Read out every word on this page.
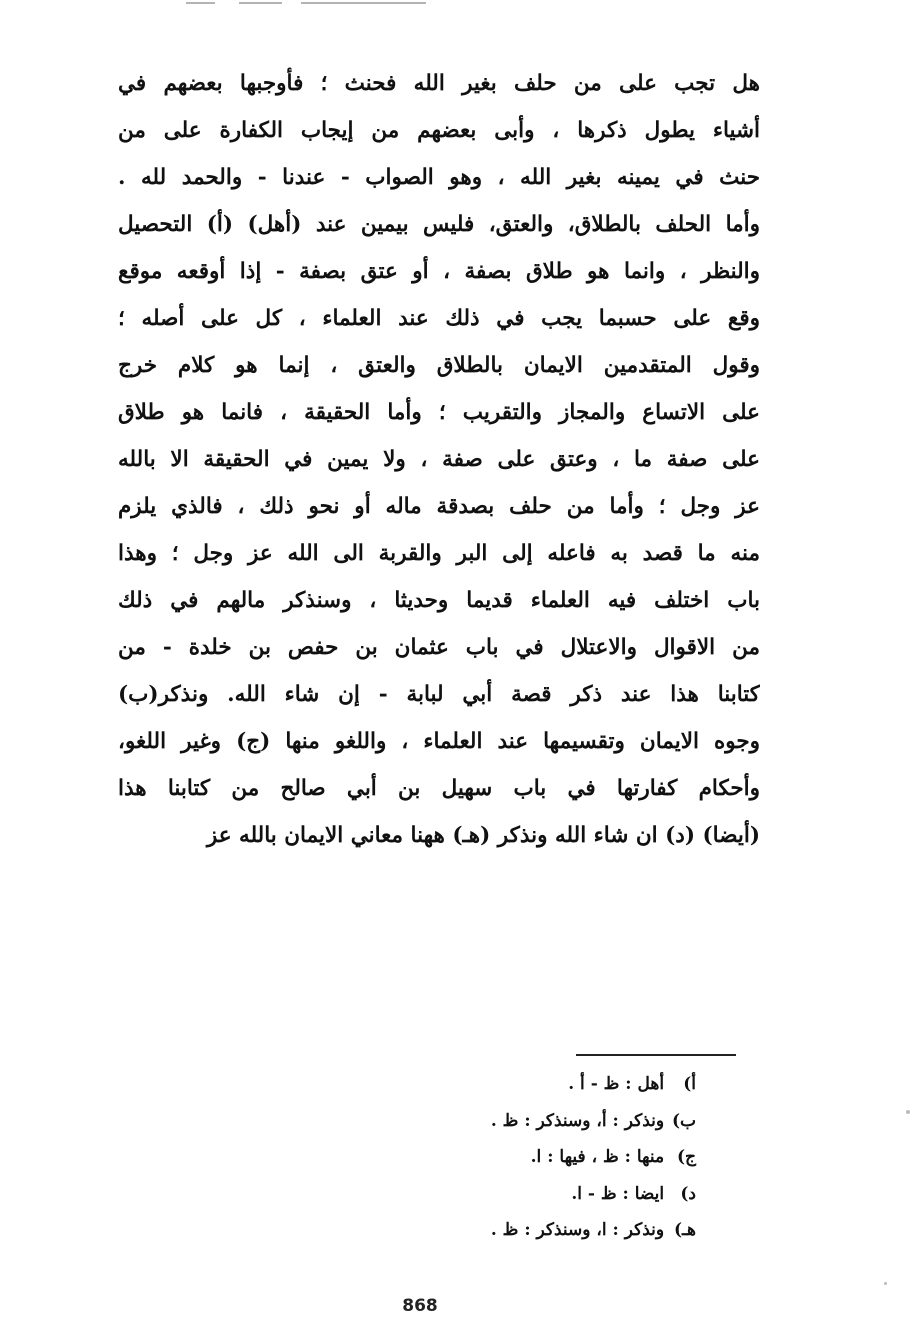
هل تجب على من حلف بغير الله فحنث ؛ فأوجبها بعضهم في
أشياء يطول ذكرها ، وأبى بعضهم من إيجاب الكفارة على من
حنث في يمينه بغير الله ، وهو الصواب - عندنا - والحمد لله .
وأما الحلف بالطلاق، والعتق، فليس بيمين عند (أهل) (أ) التحصيل
والنظر ، وانما هو طلاق بصفة ، أو عتق بصفة - إذا أوقعه موقع
وقع على حسبما يجب في ذلك عند العلماء ، كل على أصله ؛
وقول المتقدمين الايمان بالطلاق والعتق ، إنما هو كلام خرج
على الاتساع والمجاز والتقريب ؛ وأما الحقيقة ، فانما هو طلاق
على صفة ما ، وعتق على صفة ، ولا يمين في الحقيقة الا بالله
عز وجل ؛ وأما من حلف بصدقة ماله أو نحو ذلك ، فالذي يلزم
منه ما قصد به فاعله إلى البر والقربة الى الله عز وجل ؛ وهذا
باب اختلف فيه العلماء قديما وحديثا ، وسنذكر مالهم في ذلك
من الاقوال والاعتلال في باب عثمان بن حفص بن خلدة - من
كتابنا هذا عند ذكر قصة أبي لبابة - إن شاء الله. ونذكر(ب)
وجوه الايمان وتقسيمها عند العلماء ، واللغو منها (ج) وغير اللغو،
وأحكام كفارتها في باب سهيل بن أبي صالح من كتابنا هذا
(أيضا) (د) ان شاء الله ونذكر (هـ) ههنا معاني الايمان بالله عز
أ) أهل : ظ - أ .
ب) ونذكر : أ، وسنذكر : ظ .
ج) منها : ظ ، فيها : ا.
د) ايضا : ظ - ا.
هـ) ونذكر : ا، وسنذكر : ظ .
868
